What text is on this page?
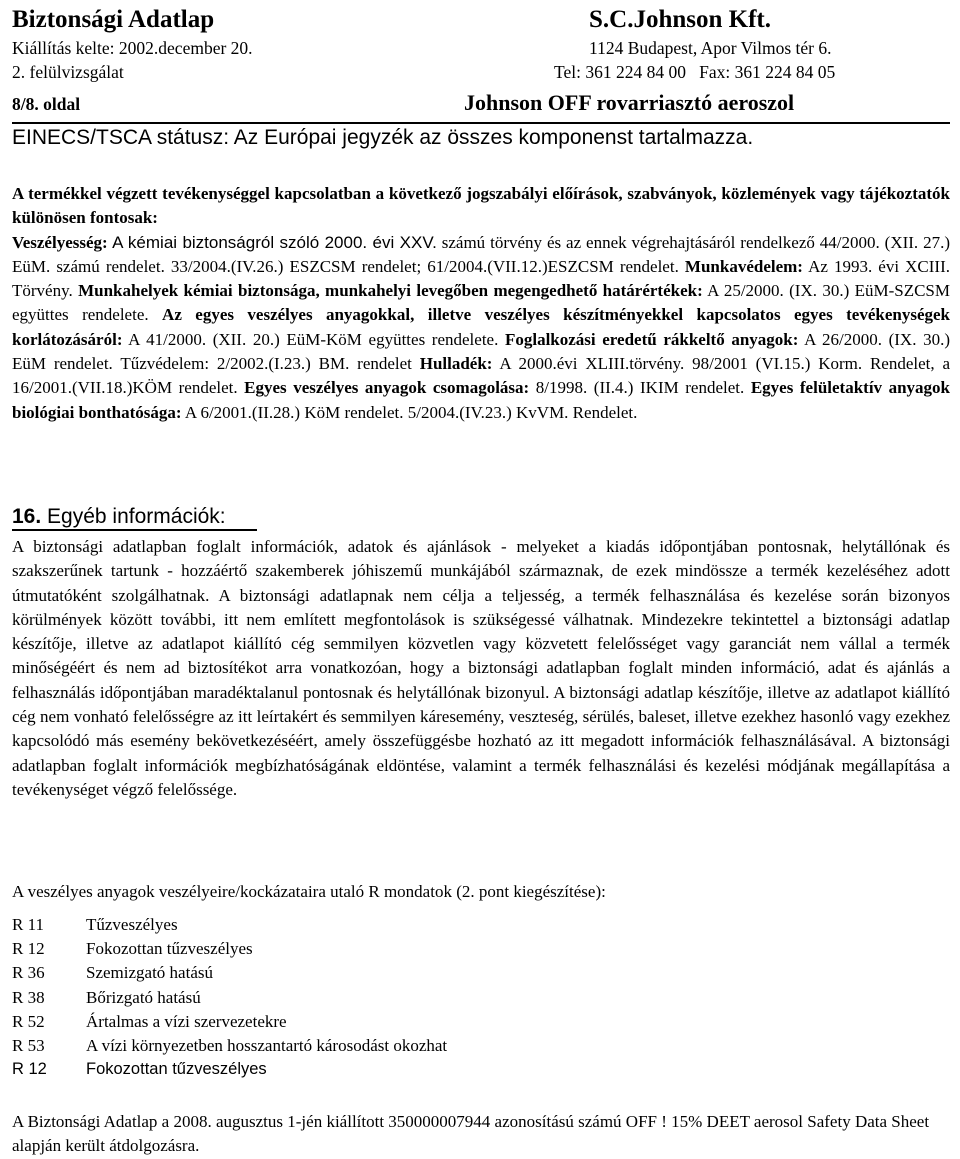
Biztonsági Adatlap	S.C.Johnson Kft.
Kiállítás kelte: 2002.december 20.	1124 Budapest, Apor Vilmos tér 6.
2. felülvizsgálat	Tel: 361 224 84 00   Fax: 361 224 84 05
8/8. oldal	Johnson OFF rovarriasztó aeroszol
EINECS/TSCA státusz: Az Európai jegyzék az összes komponenst tartalmazza.
A termékkel végzett tevékenységgel kapcsolatban a következő jogszabályi előírások, szabványok, közlemények vagy tájékoztatók különösen fontosak:
Veszélyesség: A kémiai biztonságról szóló 2000. évi XXV. számú törvény és az ennek végrehajtásáról rendelkező 44/2000. (XII. 27.) EüM. számú rendelet. 33/2004.(IV.26.) ESZCSM rendelet; 61/2004.(VII.12.)ESZCSM rendelet. Munkavédelem: Az 1993. évi XCIII. Törvény. Munkahelyek kémiai biztonsága, munkahelyi levegőben megengedhető határértékek: A 25/2000. (IX. 30.) EüM-SZCSM együttes rendelete. Az egyes veszélyes anyagokkal, illetve veszélyes készítményekkel kapcsolatos egyes tevékenységek korlátozásáról: A 41/2000. (XII. 20.) EüM-KöM együttes rendelete. Foglalkozási eredetű rákkeltő anyagok: A 26/2000. (IX. 30.) EüM rendelet. Tűzvédelem: 2/2002.(I.23.) BM. rendelet Hulladék: A 2000.évi XLIII.törvény. 98/2001 (VI.15.) Korm. Rendelet, a 16/2001.(VII.18.)KÖM rendelet. Egyes veszélyes anyagok csomagolása: 8/1998. (II.4.) IKIM rendelet. Egyes felületaktív anyagok biológiai bonthatósága: A 6/2001.(II.28.) KöM rendelet. 5/2004.(IV.23.) KvVM. Rendelet.
16. Egyéb információk:
A biztonsági adatlapban foglalt információk, adatok és ajánlások - melyeket a kiadás időpontjában pontosnak, helytállónak és szakszerűnek tartunk - hozzáértő szakemberek jóhiszemű munkájából származnak, de ezek mindössze a termék kezeléséhez adott útmutatóként szolgálhatnak. A biztonsági adatlapnak nem célja a teljesség, a termék felhasználása és kezelése során bizonyos körülmények között további, itt nem említett megfontolások is szükségessé válhatnak. Mindezekre tekintettel a biztonsági adatlap készítője, illetve az adatlapot kiállító cég semmilyen közvetlen vagy közvetett felelősséget vagy garanciát nem vállal a termék minőségéért és nem ad biztosítékot arra vonatkozóan, hogy a biztonsági adatlapban foglalt minden információ, adat és ajánlás a felhasználás időpontjában maradéktalanul pontosnak és helytállónak bizonyul. A biztonsági adatlap készítője, illetve az adatlapot kiállító cég nem vonható felelősségre az itt leírtakért és semmilyen káresemény, veszteség, sérülés, baleset, illetve ezekhez hasonló vagy ezekhez kapcsolódó más esemény bekövetkezéséért, amely összefüggésbe hozható az itt megadott információk felhasználásával. A biztonsági adatlapban foglalt információk megbízhatóságának eldöntése, valamint a termék felhasználási és kezelési módjának megállapítása a tevékenységet végző felelőssége.
A veszélyes anyagok veszélyeire/kockázataira utaló R mondatok (2. pont kiegészítése):
R 11 Tűzveszélyes
R 12 Fokozottan tűzveszélyes
R 36 Szemizgató hatású
R 38 Bőrizgató hatású
R 52 Ártalmas a vízi szervezetekre
R 53 A vízi környezetben hosszantartó károsodást okozhat
R 12 Fokozottan tűzveszélyes
A Biztonsági Adatlap a 2008. augusztus 1-jén kiállított 350000007944 azonosítású számú OFF ! 15% DEET aerosol Safety Data Sheet alapján került átdolgozásra.
